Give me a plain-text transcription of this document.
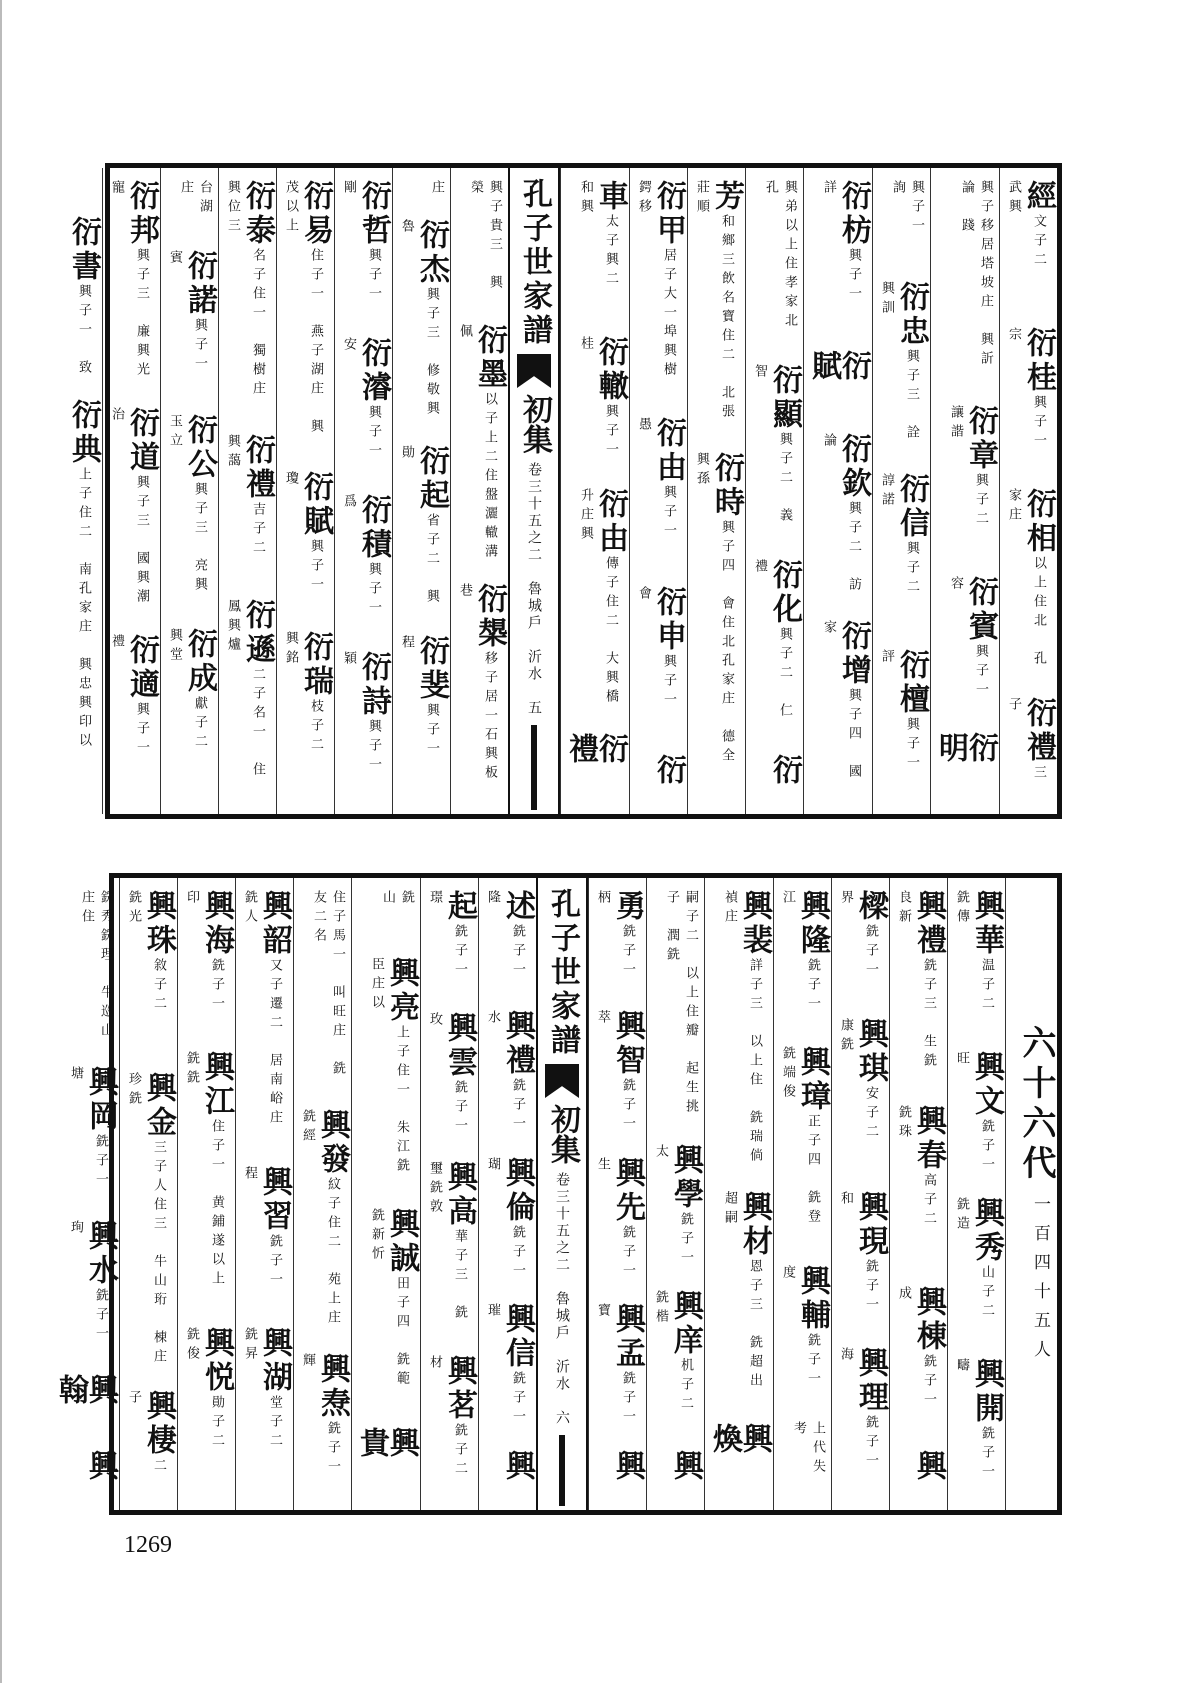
經文子二　武興
衍桂興子一　宗
衍相以上住北　孔家庄
衍禮三子
興子移居塔坡庄　興訢論　踐
衍章興子二　讓諧
衍賓興子一　容
衍明
興子一　詢
衍忠興子三　詮興訓
衍信興子二　諄諾
衍檀興子一　評
衍枋興子一　詳
衍賦
衍欽興子二　訪論
衍增興子四　國家
興弟以上住孝家北孔
衍顯興子二　義智
衍化興子二　仁禮
衍
芳和鄉三飲名寶住二　北張莊順
衍時興子四　會住北孔家庄　德全興孫
衍甲居子大一埠興樹鍔移
衍由興子一　愚
衍申興子一　會
衍
車太子興二　和興
衍轍興子一　桂
衍由傳子住二　大興橋升庄興
衍禮
孔子世家譜
初集
卷三十五之二　魯城戶　沂水　五
興子貴三　興榮
衍墨以子上二住盤灑轍溝佩
衍槼移子居一石興板巷
庄
衍杰興子三　修敬興魯
衍起省子二　興勛
衍斐興子一　程
衍哲興子一　剛
衍濬興子一　安
衍積興子一　爲
衍詩興子一　穎
衍易住子一　燕子湖庄　興茂以上
衍賦興子一　瓊
衍瑞枝子二　興銘
衍泰名子住一　獨樹庄　興位三
衍禮吉子二　興藹
衍遜二子名一　住鳳興爐
台湖庄
衍諾興子一　賓
衍公興子三　亮興玉立
衍成獻子二　興堂
衍邦興子三　廉興光寵
衍道興子三　國興潮治
衍適興子一　禮
衍書興子一　致
衍典上子住二　南孔家庄　興忠興印以
六十六代
一百四十五人
興華温子二　銑傳
興文銑子一　旺
興秀山子二　銑造
興開銑子一　疇
興禮銑子三　生銑良新
興春高子二　銑珠
興棟銑子一　成
興
樑銑子一　界
興琪安子二　康銑
興現銑子一　和
興理銑子一　海
興隆銑子一　江
興璋正子四　銑登銑端俊
興輔銑子一　度
上代失考
興裴詳子三　以上住　銑瑞倘禎庄
興材恩子三　銑超出超嗣
興煥
嗣子二　以上住瓣　起生挑子　潤銑
興學銑子一　太
興庠机子二　銑楷
興
勇銑子一　柄
興智銑子一　萃
興先銑子一　生
興孟銑子一　寶
興
孔子世家譜
初集
卷三十五之二　魯城戶　沂水　六
述銑子一　隆
興禮銑子一　水
興倫銑子一　瑚
興信銑子一　璀
興
起銑子一　璟
興雲銑子一　玫
興高華子三　銑璽銑敦
興茗銑子二　材
銑　山
興亮上子住一　朱江銑臣庄以
興誠田子四　銑範銑新忻
興貴
住子馬一　叫旺庄　銑友二名
興發紋子住二　苑上庄　銑經
興焘銑子一　輝
興韶又子遷二　居南峪庄　銑人
興習銑子一　程
興湖堂子二　銑昇
興海銑子一　印
興江住子一　黄鋪遂以上　銑銑
興悦勛子二　銑俊
興珠敘子二　銑光
興金三子人住三　牛山珩　棟庄珍銑
興棲二子
銑秀銑理　牛巡山庄住
興岡銑子一　塘
興水銑子一　珣
興翰
興
1269
